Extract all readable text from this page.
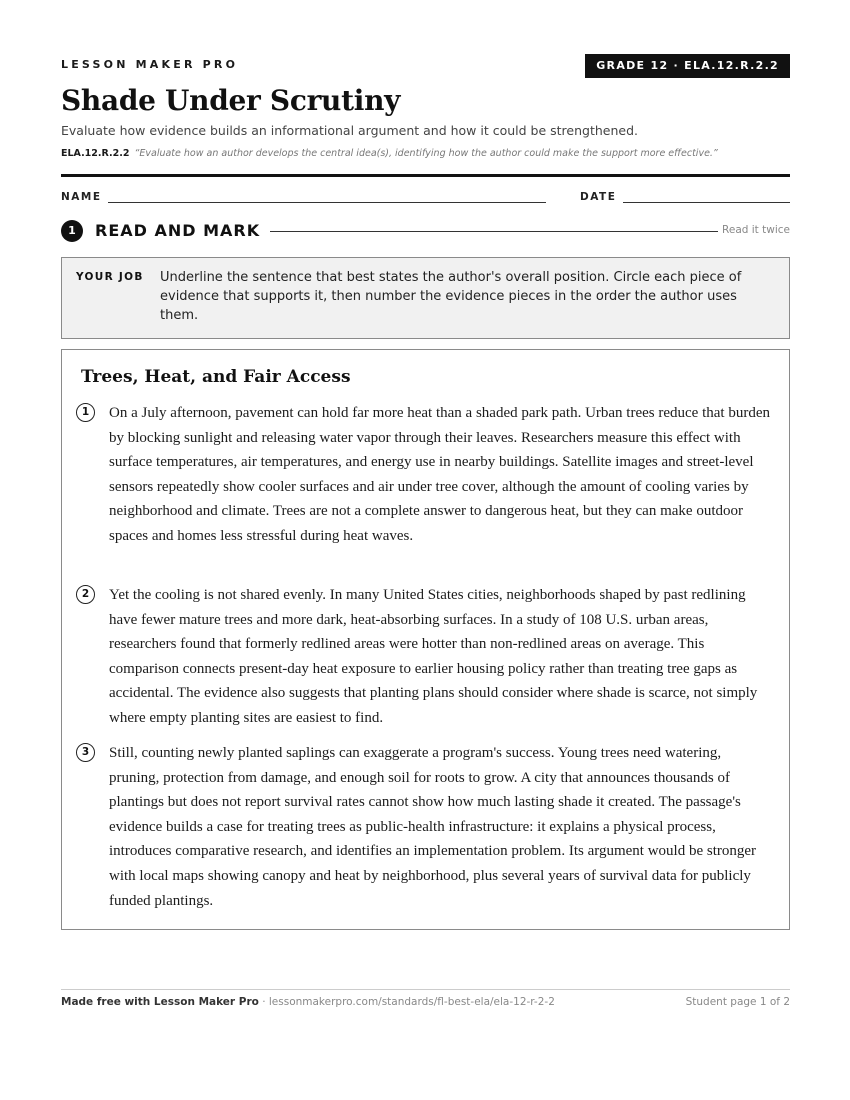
LESSON MAKER PRO	GRADE 12 · ELA.12.R.2.2
Shade Under Scrutiny
Evaluate how evidence builds an informational argument and how it could be strengthened.
ELA.12.R.2.2 “Evaluate how an author develops the central idea(s), identifying how the author could make the support more effective.”
NAME	DATE
1	READ AND MARK	Read it twice
YOUR JOB Underline the sentence that best states the author's overall position. Circle each piece of evidence that supports it, then number the evidence pieces in the order the author uses them.
Trees, Heat, and Fair Access
1	On a July afternoon, pavement can hold far more heat than a shaded park path. Urban trees reduce that burden by blocking sunlight and releasing water vapor through their leaves. Researchers measure this effect with surface temperatures, air temperatures, and energy use in nearby buildings. Satellite images and street-level sensors repeatedly show cooler surfaces and air under tree cover, although the amount of cooling varies by neighborhood and climate. Trees are not a complete answer to dangerous heat, but they can make outdoor spaces and homes less stressful during heat waves.
2	Yet the cooling is not shared evenly. In many United States cities, neighborhoods shaped by past redlining have fewer mature trees and more dark, heat-absorbing surfaces. In a study of 108 U.S. urban areas, researchers found that formerly redlined areas were hotter than non-redlined areas on average. This comparison connects present-day heat exposure to earlier housing policy rather than treating tree gaps as accidental. The evidence also suggests that planting plans should consider where shade is scarce, not simply where empty planting sites are easiest to find.
3	Still, counting newly planted saplings can exaggerate a program's success. Young trees need watering, pruning, protection from damage, and enough soil for roots to grow. A city that announces thousands of plantings but does not report survival rates cannot show how much lasting shade it created. The passage's evidence builds a case for treating trees as public-health infrastructure: it explains a physical process, introduces comparative research, and identifies an implementation problem. Its argument would be stronger with local maps showing canopy and heat by neighborhood, plus several years of survival data for publicly funded plantings.
Made free with Lesson Maker Pro · lessonmakerpro.com/standards/fl-best-ela/ela-12-r-2-2	Student page 1 of 2
